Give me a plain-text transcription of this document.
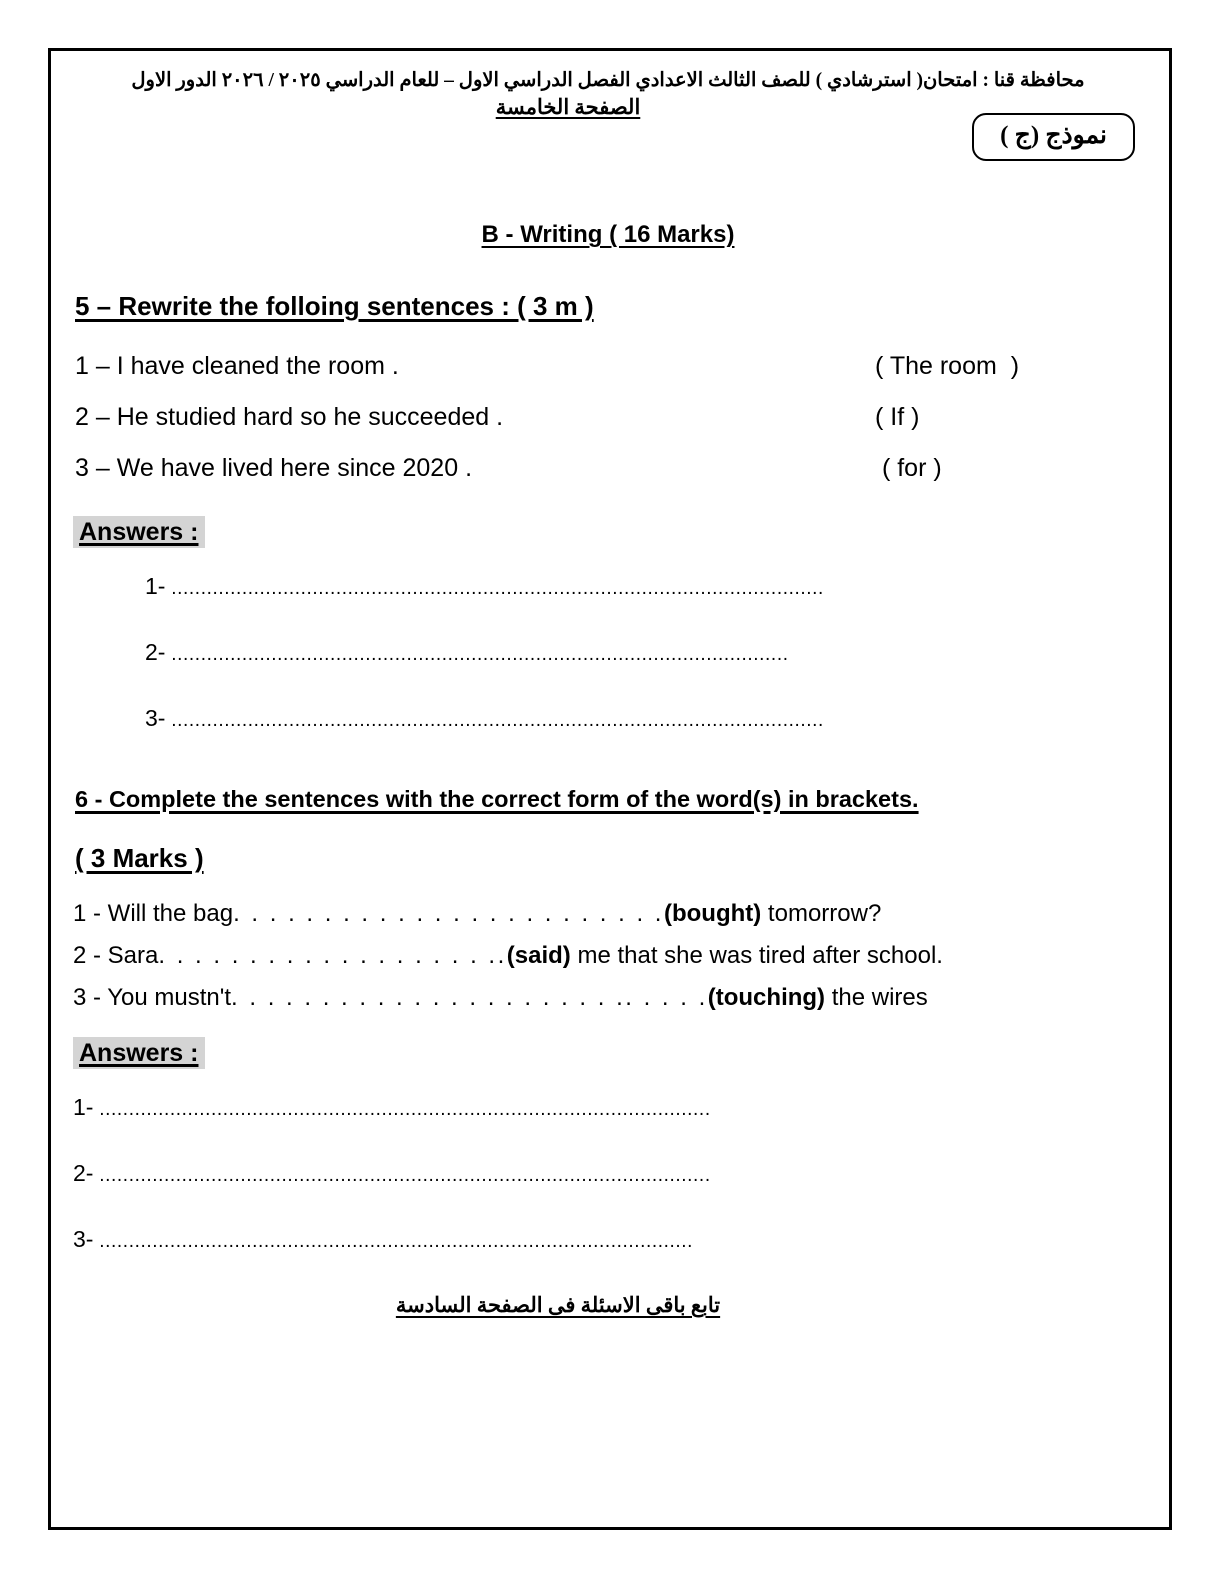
محافظة قنا : امتحان( استرشادي ) للصف الثالث الاعدادي الفصل الدراسي الاول – للعام الدراسي ٢٠٢٥ / ٢٠٢٦ الدور الاول
الصفحة الخامسة
نموذج (ج )
B - Writing ( 16 Marks)
5 – Rewrite the folloing sentences : ( 3 m )
1 – I have cleaned the room .	( The room  )
2 – He studied hard so he succeeded .	( If )
3 – We have lived here since 2020 .	( for )
Answers :
1- ...............................................................................................................
2- .........................................................................................................
3- ...............................................................................................................
6 - Complete the sentences with the correct form of the word(s) in brackets.
( 3 Marks )
1 - Will the bag. . . . . . . . . . . . . . . . . . . . . . . .(bought) tomorrow?
2 - Sara. . . . . . . . . . . . . . . . . . ..(said) me that she was tired after school.
3 - You mustn't. . . . . . . . . . . . . . . . . . . . . .. . . . .(touching) the wires
Answers :
1- ........................................................................................................
2- ........................................................................................................
3- .....................................................................................................
تابع باقى الاسئلة فى الصفحة السادسة
